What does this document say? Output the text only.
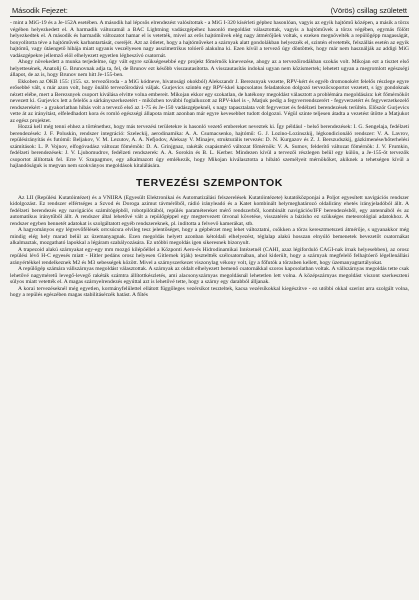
Második Fejezet:	(Vörös) csillag született

- mint a MiG-19 és a Je-152A esetében. A második hal lépcsős elrendezést valósítottak - a MiG I-320 kísérleti gépbez hasonlóan, vagyis az egyik hajtómű középen, a másik a törzs végében helyezkedett el. A harmadik változatnál a BAC Lightning vadászgépéhez hasonló megoldást választottak, vagyis a hajtóművek a törzs végében, egymás fölött helyezkedtek el. A második és harmadik változatot hamar el is vetették, mivel az erős hajtóművek elég nagy átmérőjűek voltak, s ezeken megnövelték a repülőgépp magasságát, bonyolította téve a hajtóművek karbantartását, cseréjét. Azt az ötletet, hogy a hajtóműveket a szárnyak alatt gondolákban helyezzék el, szintén elvetették, felszállás esetén az egyik hajtómű, vagy útáengető hibája miatt ugyanis veszélyesen nagy asszimetrikus tolóerő alakulna ki. Ezen kívül a tervező úgy döntöttek, hogy már nem használják az addigi MiG vadászgépekre jellemző elöl elhelyezett egyetlen légbeszívó csatornát.

Ahogy növekedett a munka terjedelme, úgy vált egyre szükségesebbé egy projekt főmérnök kinevezése, ahogy az a tervezőirodákban szokás volt. Mikojan ezt a tisztet első helyettesének, Anatolij G. Brunovnak adja ta, fel, de Brunov ezt később visszautasította. A visszautasítás indokai ugyan nem közismertek; lehetett ugyan a megromlott egészségi állapot, de az is, hogy Brunov nem hitt Je-155-ben.

Ekkoben az OKB 155: (155. sz. tervezőiroda - a MiG kódneve, hivatosági okokból) Alekszandr J. Berezsnyak vezette, RPV-kért és egyéb dromonokért felelős részlege egyre erősebbé vált, s már azon volt, hogy önálló tervezőirodává váljak. Gurjevics szintén egy RPV-kkel kapcsolatos feladatokon dolgozó tervezőcsoportot vezetett, s így gondoknak nézett elébe, mert a Berezsnyek csoport kiválása elvitte volna embereit. Mikojan ekkor egy szokatlan, de hatékony megoldást választott a problémára megoldására: két főmérnököt nevezett ki. Gurjevics lett a felelős a sárkányszerkezetért - miközben további foglalkozott az RPV-kkel is -, Matjuk pedig a fegyverrendszerért - fegyverzetért és fegyverzetkezelő rendszerekért - a gyakorlatban hibás volt a tervező első az 1-75 és Je-150 vadászgépeknél, s nagy tapasztalata volt fegyverzet és fedélzeti berendezések terültén. Először Gurjevics vette át az irányítást, elfeledhadott kora és romló egészségi állapota miatt azonban már egyre kevesebbet tudott dolgozni. Végül szinte teljesen átadta a vezetést ütötte a Matjukot az egész projektet.

Hozzá kell még tenni ehhez a történethez, hogy más tervezési területekre is hasonló vezető embereket neveztek ki. Így például - belső berendezések: I. G. Sengelaja, fedélzeti berendezések: J. F. Poluskin, rendszer integráció: Szeleckij, aerodinamika: A. A. Csumacsenko, hajtómű: G. J. Lozino-Lozinszkij, légkondicionáló rendszer: V. A. Lavrov, repülésirányítás és futómű: Beljakov, V. M. Lezutov, A. A. Nefjodov, Aleksay V. Minajev, strukturális tervezés: D. N. Kurgazov és Z. J. Berszudszkij, gázkimenése/hőterhelési számítások: L. P. Vojnov, elfogóvadász változat főmérnök: D. A. Grinjgnaz, rakéták csapásmérő változat főmérnök: V. A. Sumov, felderítő változat főmérnök: J. V. Frumkin, fedélzeti berendezések: J. V. Ljubomudrov, fedélzeti rendszerek: A. A. Sorokin és B. L. Kerber. Mindezen kívül a tervezői részlegen belül egy külön, a Je-155-öt tervezők csoportot állítottak fel. Erre V. Szupagmov, egy alkalmazott úgy emlékezik, hogy Mikojan kiválasztotta a hibátó személyeit mérnököket, akiknek a tehetségen kívül a hajlandóságuk is megvan nem szokványos megoldások kitalálására.

TERVEZÉSI SZEMPONTOK

Az LII (Repülési Kutatóintézet) és a VNIIRA (Egyesült Elektronikai és Automatizálási felszerelések Kutatóintézete) kutatóközponjai a Poljot egyesített navigációs rendszer kidolgozást. Ez rendszer elfértséges a Szvod és Doroga azimut távmérőből, rádió irányleadó és a Katet kombinált helymeghatározó oldalirány ehetés irányjeladóból állt. A fedélzeti berendezés egy navigációs számítógépből, robotpilótából, repülés paramétereket mérő rendszerből, kombinált navigációs/IFF berendezésből, egy antennából és az automatikus iránytűből állt. A rendszer által lehetővé vált a repülőgéppel egy megtervezett útvonal követése, visszatérés a bázisho ez szükséges meteorológiai adatokhoz. A rendszer egyben bennetét adatokat is szolgáltatott egyéb rendszereknek, pl. inditotta a felvevő kamerákat, stb.

A hagyományos egy légvevőfélések orrcsúcsra elvileg tesz jelentőséget, hogy a gépbérzet meg lehet változtatni, csökken a törzs keresztmetszeti átmérője, s ugyanakkor még mindig elég hely marad belül az üzemanyagnak. Ezen megoldás helyett azonban kétoldali elhelyezést, téglalap alakú hosszan elnyúló bemenetek bevezetőt csatornákat alkalmaztak, mozgatható lapokkal a légáram szabályozására. Ez utóbbi megoldás igen sikeresnek bizonyult.

A trapezoid alakú szárnyakat egy-egy mm mozgó kilépőéllel a Központi Aero-és Hidrodinamikai Intézetnél (CAHI, azaz légiforduló CAGI-nak írnak helyesebben), az orosz repülési lévő H-C egyesés miatt - Hitler pedáns orosz helyesen Gitlernek írják) teszteltték szélcsatornában, ahol kiderült, hogy a szárnyak megfelelő felhajtóerő légellenállási arányértékkel rendelkeznek M2 és M3 sebességek között. Mivel a szárnyszerkezet viszonylag vékony volt, így a főfutók a törzsben kellett, hogy üzemanyagtartályokat.

A repülőgép számára vállszárnyas megoldást választottak. A szárnyak az oldalt elhelyezett bemenő csatornákkal szoros kapcsolatban voltak. A vállszárnyas megoldás tette csak lehetővé nagyméretű levegő-levegő rakéták számtra állítottkészletés, ami alacsonyszárnyas megoldásnál lehetetlen lett volna. A középszárnyas megoldást viszont szerkeszteni súlyos miatt vetették el. A magas szárnyelrendezés egyúttal azt is lehetővé tette, hogy a szárny egy darabból álljanak.

A korai tervezéseknél még egyetlen, kormányfelülettel ellátott függőleges vezérsíkot teszteltek, kacsa vezérsíkokkal kiegészítve - ez utóbbi okkal szerint arra szolgált volna, hogy a repülés egészében magas stabilitásérzék hatást. A fűtés
